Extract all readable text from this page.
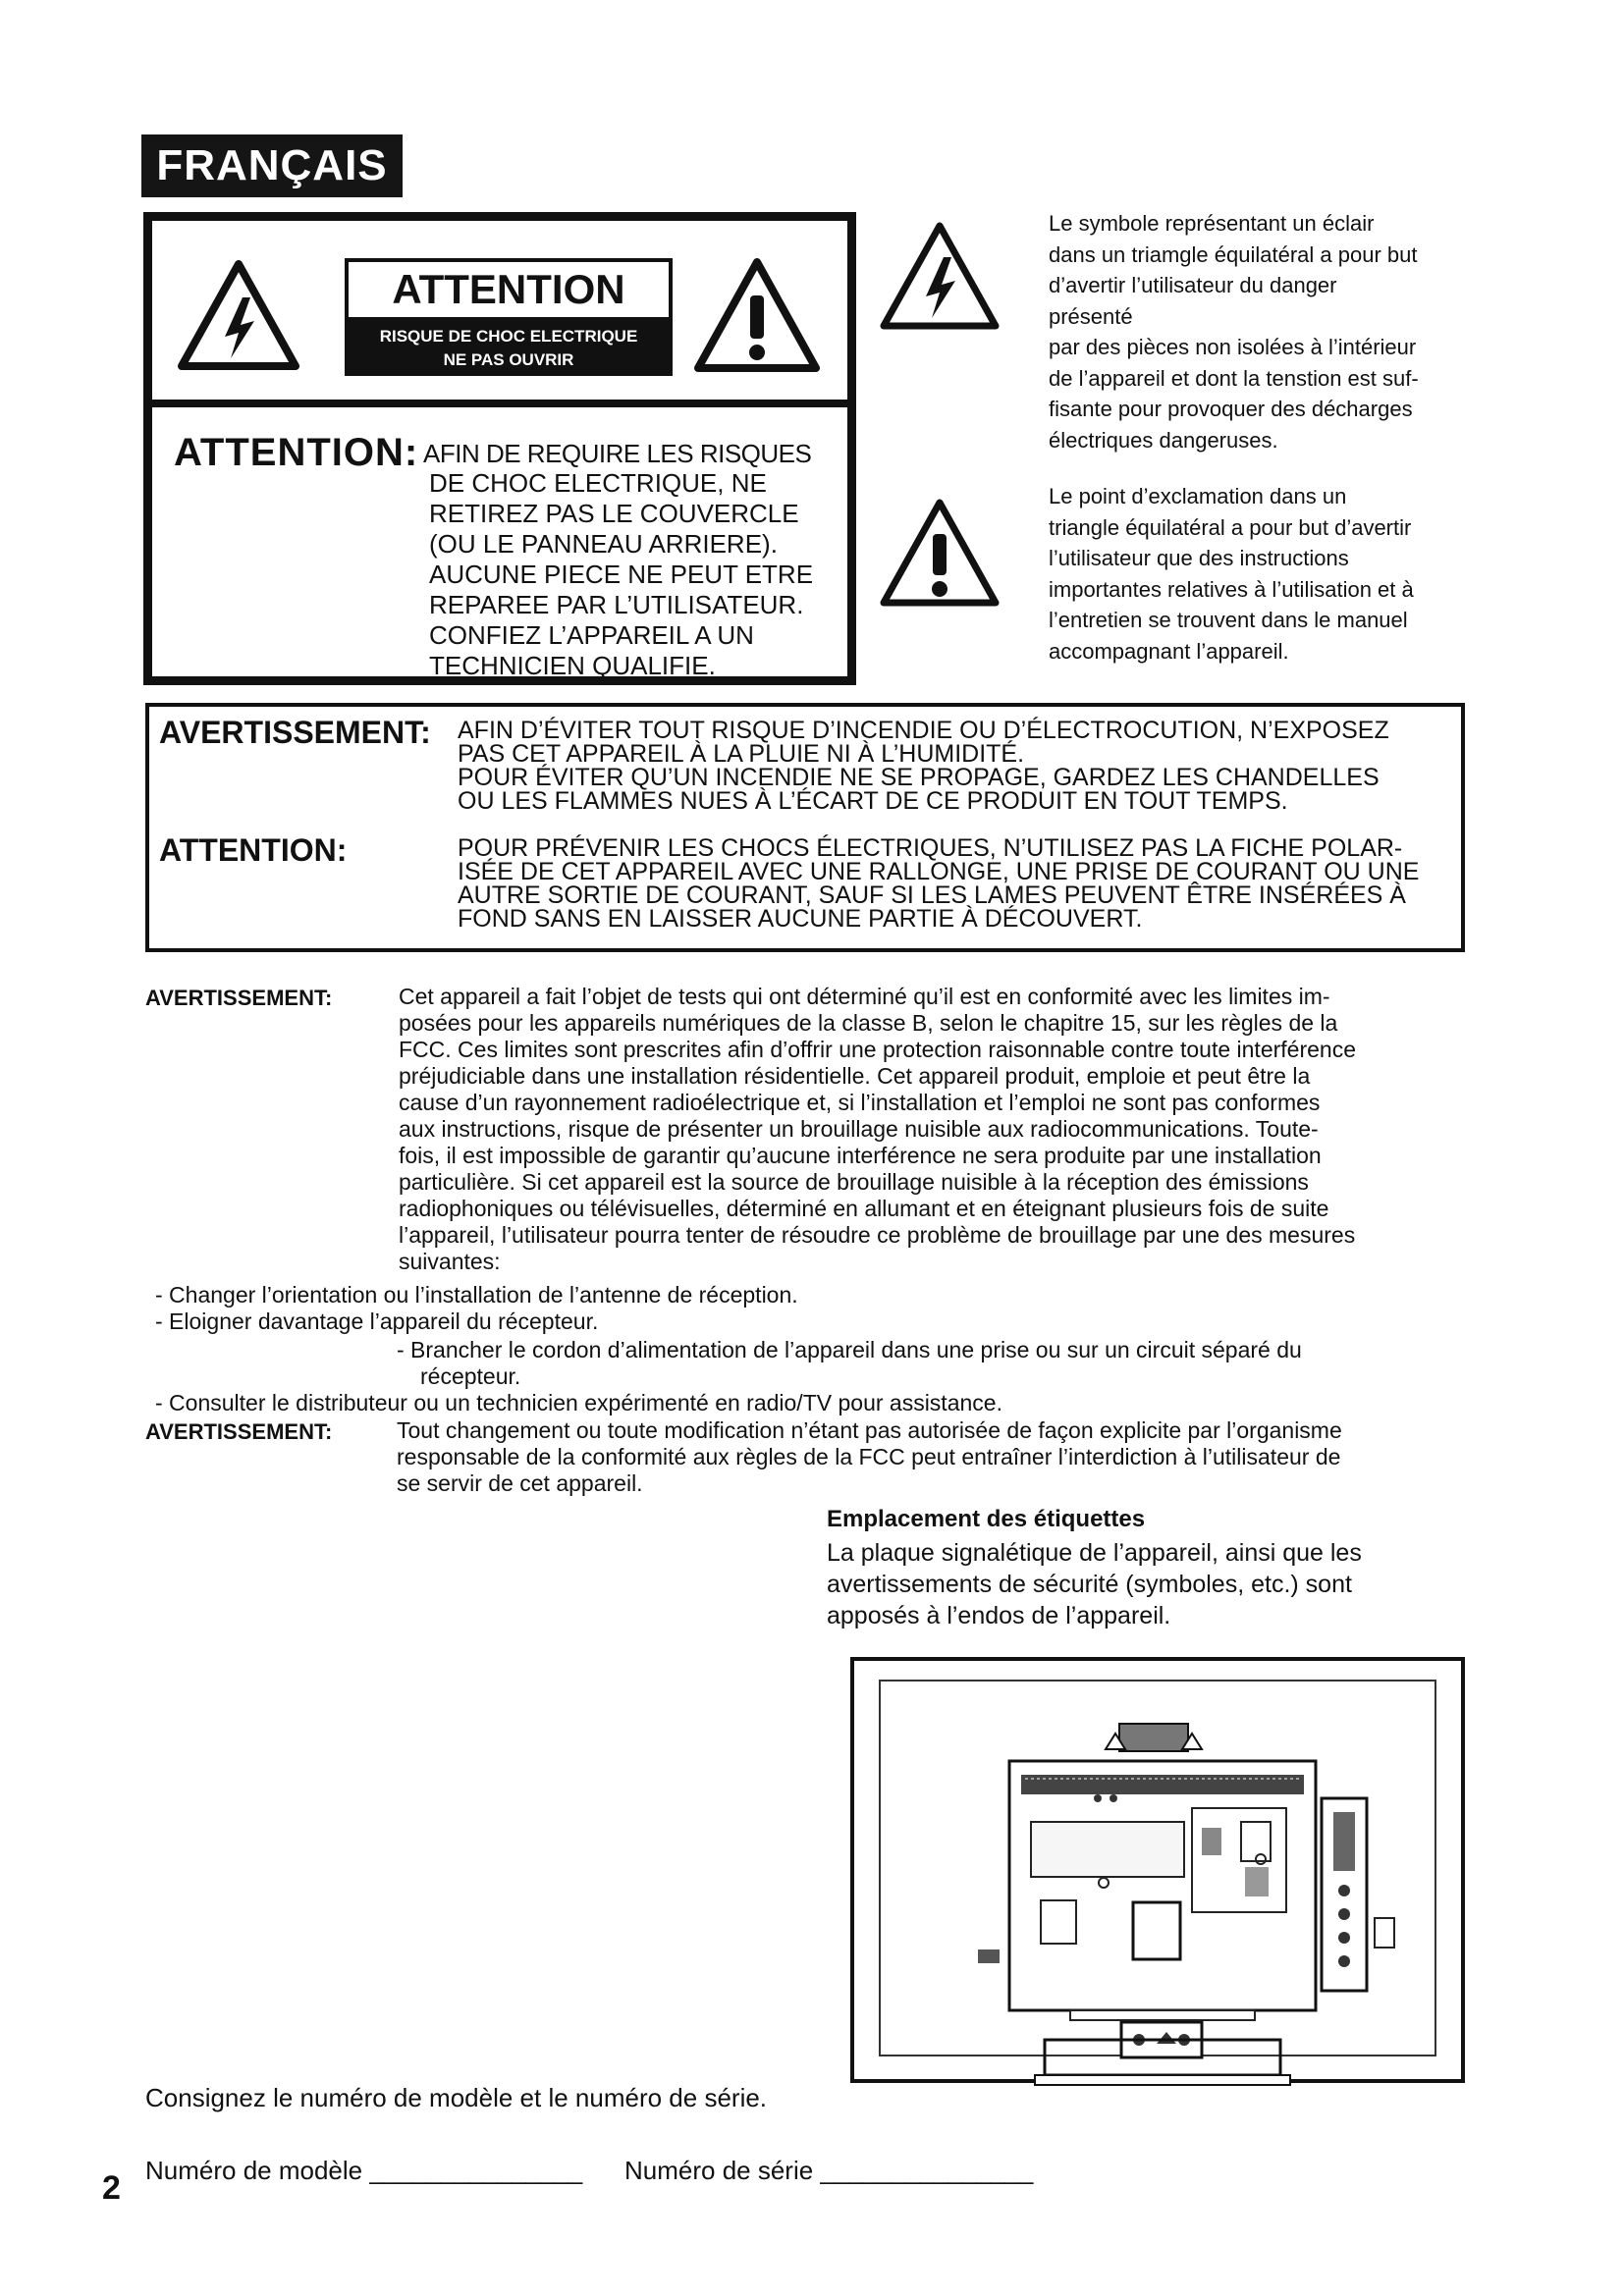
FRANÇAIS
ATTENTION
RISQUE DE CHOC ELECTRIQUE
NE PAS OUVRIR
ATTENTION: AFIN DE REQUIRE LES RISQUES
DE CHOC ELECTRIQUE, NE
RETIREZ PAS LE COUVERCLE
(OU LE PANNEAU ARRIERE).
AUCUNE PIECE NE PEUT ETRE
REPAREE PAR L’UTILISATEUR.
CONFIEZ L’APPAREIL A UN
TECHNICIEN QUALIFIE.
Le symbole représentant un éclair
dans un triamgle équilatéral a pour but
d’avertir l’utilisateur du danger présenté
par des pièces non isolées à l’intérieur
de l’appareil et dont la tenstion est suf-
fisante pour provoquer des décharges
électriques dangeruses.
Le point d’exclamation dans un
triangle équilatéral a pour but d’avertir
l’utilisateur que des instructions
importantes relatives à l’utilisation et à
l’entretien se trouvent dans le manuel
accompagnant l’appareil.
AVERTISSEMENT: AFIN D’ÉVITER TOUT RISQUE D’INCENDIE OU D’ÉLECTROCUTION, N’EXPOSEZ
PAS CET APPAREIL À LA PLUIE NI À L’HUMIDITÉ.
POUR ÉVITER QU’UN INCENDIE NE SE PROPAGE, GARDEZ LES CHANDELLES
OU LES FLAMMES NUES À L’ÉCART DE CE PRODUIT EN TOUT TEMPS.
ATTENTION:	POUR PRÉVENIR LES CHOCS ÉLECTRIQUES, N’UTILISEZ PAS LA FICHE POLAR-
ISÉE DE CET APPAREIL AVEC UNE RALLONGE, UNE PRISE DE COURANT OU UNE
AUTRE SORTIE DE COURANT, SAUF SI LES LAMES PEUVENT ÊTRE INSÉRÉES À
FOND SANS EN LAISSER AUCUNE PARTIE À DÉCOUVERT.
AVERTISSEMENT:	Cet appareil a fait l’objet de tests qui ont déterminé qu’il est en conformité avec les limites im-
posées pour les appareils numériques de la classe B, selon le chapitre 15, sur les règles de la
FCC. Ces limites sont prescrites afin d’offrir une protection raisonnable contre toute interférence
préjudiciable dans une installation résidentielle. Cet appareil produit, emploie et peut être la
cause d’un rayonnement radioélectrique et, si l’installation et l’emploi ne sont pas conformes
aux instructions, risque de présenter un brouillage nuisible aux radiocommunications. Toute-
fois, il est impossible de garantir qu’aucune interférence ne sera produite par une installation
particulière. Si cet appareil est la source de brouillage nuisible à la réception des émissions
radiophoniques ou télévisuelles, déterminé en allumant et en éteignant plusieurs fois de suite
l’appareil, l’utilisateur pourra tenter de résoudre ce problème de brouillage par une des mesures
suivantes:
- Changer l’orientation ou l’installation de l’antenne de réception.
- Eloigner davantage l’appareil du récepteur.
- Brancher le cordon d’alimentation de l’appareil dans une prise ou sur un circuit séparé du
récepteur.
- Consulter le distributeur ou un technicien expérimenté en radio/TV pour assistance.
AVERTISSEMENT:	Tout changement ou toute modification n’étant pas autorisée de façon explicite par l’organisme
responsable de la conformité aux règles de la FCC peut entraîner l’interdiction à l’utilisateur de
se servir de cet appareil.
Emplacement des étiquettes
La plaque signalétique de l’appareil, ainsi que les
avertissements de sécurité (symboles, etc.) sont
apposés à l’endos de l’appareil.
Consignez le numéro de modèle et le numéro de série.
Numéro de modèle _______________ Numéro de série _______________
2
